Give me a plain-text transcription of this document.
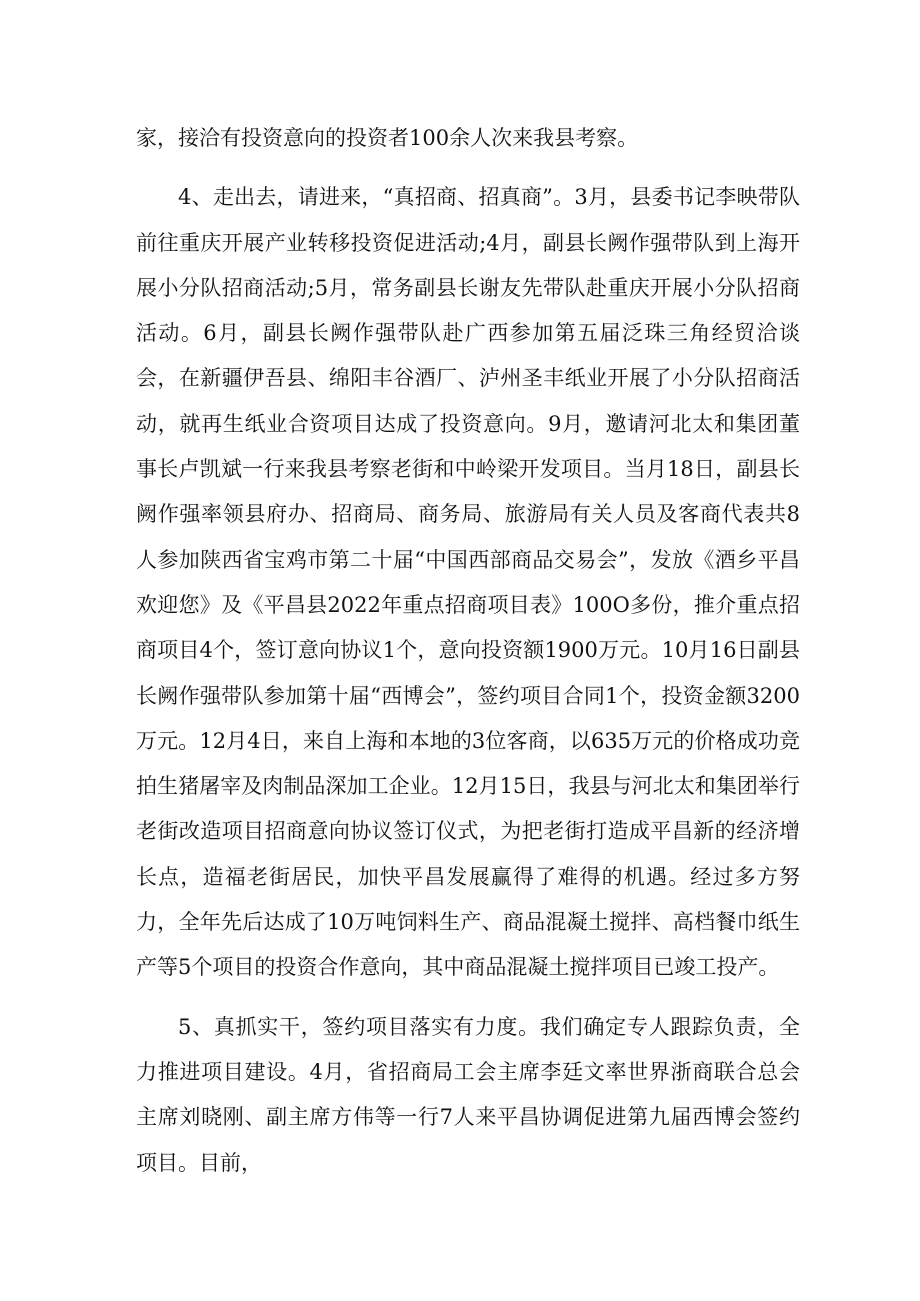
家，接洽有投资意向的投资者100余人次来我县考察。

4、走出去，请进来，“真招商、招真商”。3月，县委书记李映带队前往重庆开展产业转移投资促进活动;4月，副县长阙作强带队到上海开展小分队招商活动;5月，常务副县长谢友先带队赴重庆开展小分队招商活动。6月，副县长阙作强带队赴广西参加第五届泛珠三角经贸洽谈会，在新疆伊吾县、绵阳丰谷酒厂、泸州圣丰纸业开展了小分队招商活动，就再生纸业合资项目达成了投资意向。9月，邀请河北太和集团董事长卢凯斌一行来我县考察老街和中岭梁开发项目。当月18日，副县长阙作强率领县府办、招商局、商务局、旅游局有关人员及客商代表共8人参加陕西省宝鸡市第二十届“中国西部商品交易会”，发放《酒乡平昌欢迎您》及《平昌县2022年重点招商项目表》100O多份，推介重点招商项目4个，签订意向协议1个，意向投资额1900万元。10月16日副县长阙作强带队参加第十届“西博会”，签约项目合同1个，投资金额3200万元。12月4日，来自上海和本地的3位客商，以635万元的价格成功竞拍生猪屠宰及肉制品深加工企业。12月15日，我县与河北太和集团举行老街改造项目招商意向协议签订仪式，为把老街打造成平昌新的经济增长点，造福老街居民，加快平昌发展赢得了难得的机遇。经过多方努力，全年先后达成了10万吨饲料生产、商品混凝土搅拌、高档餐巾纸生产等5个项目的投资合作意向，其中商品混凝土搅拌项目已竣工投产。

5、真抓实干，签约项目落实有力度。我们确定专人跟踪负责，全力推进项目建设。4月，省招商局工会主席李廷文率世界浙商联合总会主席刘晓刚、副主席方伟等一行7人来平昌协调促进第九届西博会签约项目。目前，
